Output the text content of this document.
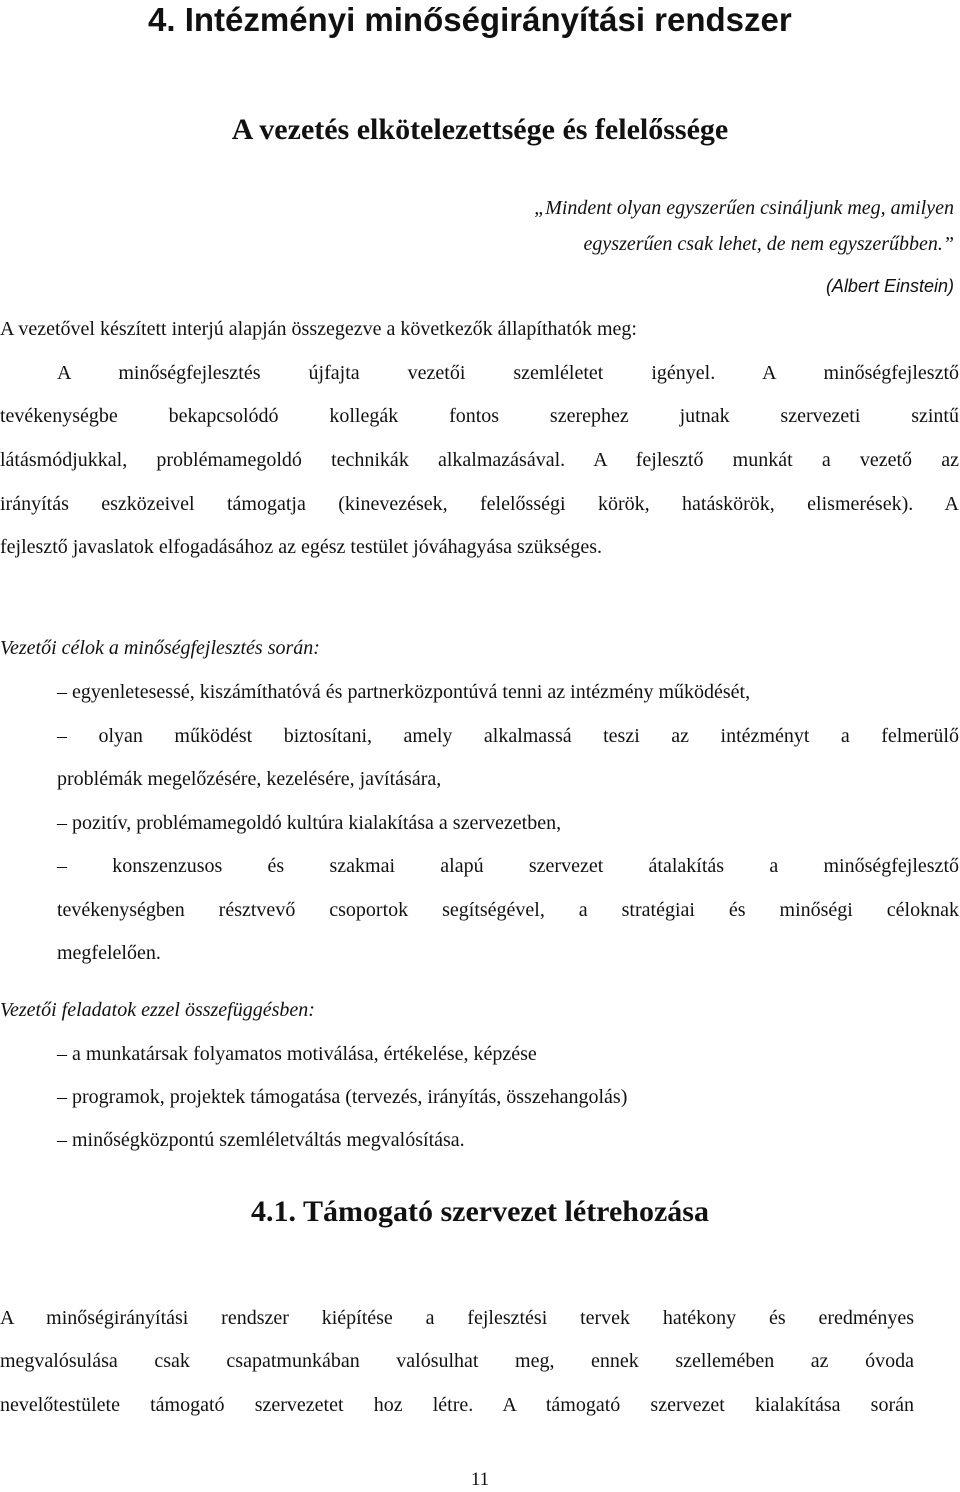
4. Intézményi minőségirányítási rendszer
A vezetés elkötelezettsége és felelőssége
„Mindent olyan egyszerűen csináljunk meg, amilyen
egyszerűen csak lehet, de nem egyszerűbben.”
(Albert Einstein)
A vezetővel készített interjú alapján összegezve a következők állapíthatók meg:
A minőségfejlesztés újfajta vezetői szemléletet igényel. A minőségfejlesztő
tevékenységbe bekapcsolódó kollegák fontos szerephez jutnak szervezeti szintű
látásmódjukkal, problémamegoldó technikák alkalmazásával. A fejlesztő munkát a vezető az
irányítás eszközeivel támogatja (kinevezések, felelősségi körök, hatáskörök, elismerések). A
fejlesztő javaslatok elfogadásához az egész testület jóváhagyása szükséges.
Vezetői célok a minőségfejlesztés során:
– egyenletesessé, kiszámíthatóvá és partnerközpontúvá tenni az intézmény működését,
– olyan működést biztosítani, amely alkalmassá teszi az intézményt a felmerülő
problémák megelőzésére, kezelésére, javítására,
– pozitív, problémamegoldó kultúra kialakítása a szervezetben,
– konszenzusos és szakmai alapú szervezet átalakítás a minőségfejlesztő
tevékenységben résztvevő csoportok segítségével, a stratégiai és minőségi céloknak
megfelelően.
Vezetői feladatok ezzel összefüggésben:
– a munkatársak folyamatos motiválása, értékelése, képzése
– programok, projektek támogatása (tervezés, irányítás, összehangolás)
– minőségközpontú szemléletváltás megvalósítása.
4.1. Támogató szervezet létrehozása
A minőségirányítási rendszer kiépítése a fejlesztési tervek hatékony és eredményes
megvalósulása csak csapatmunkában valósulhat meg, ennek szellemében az óvoda
nevelőtestülete támogató szervezetet hoz létre. A támogató szervezet kialakítása során
11
